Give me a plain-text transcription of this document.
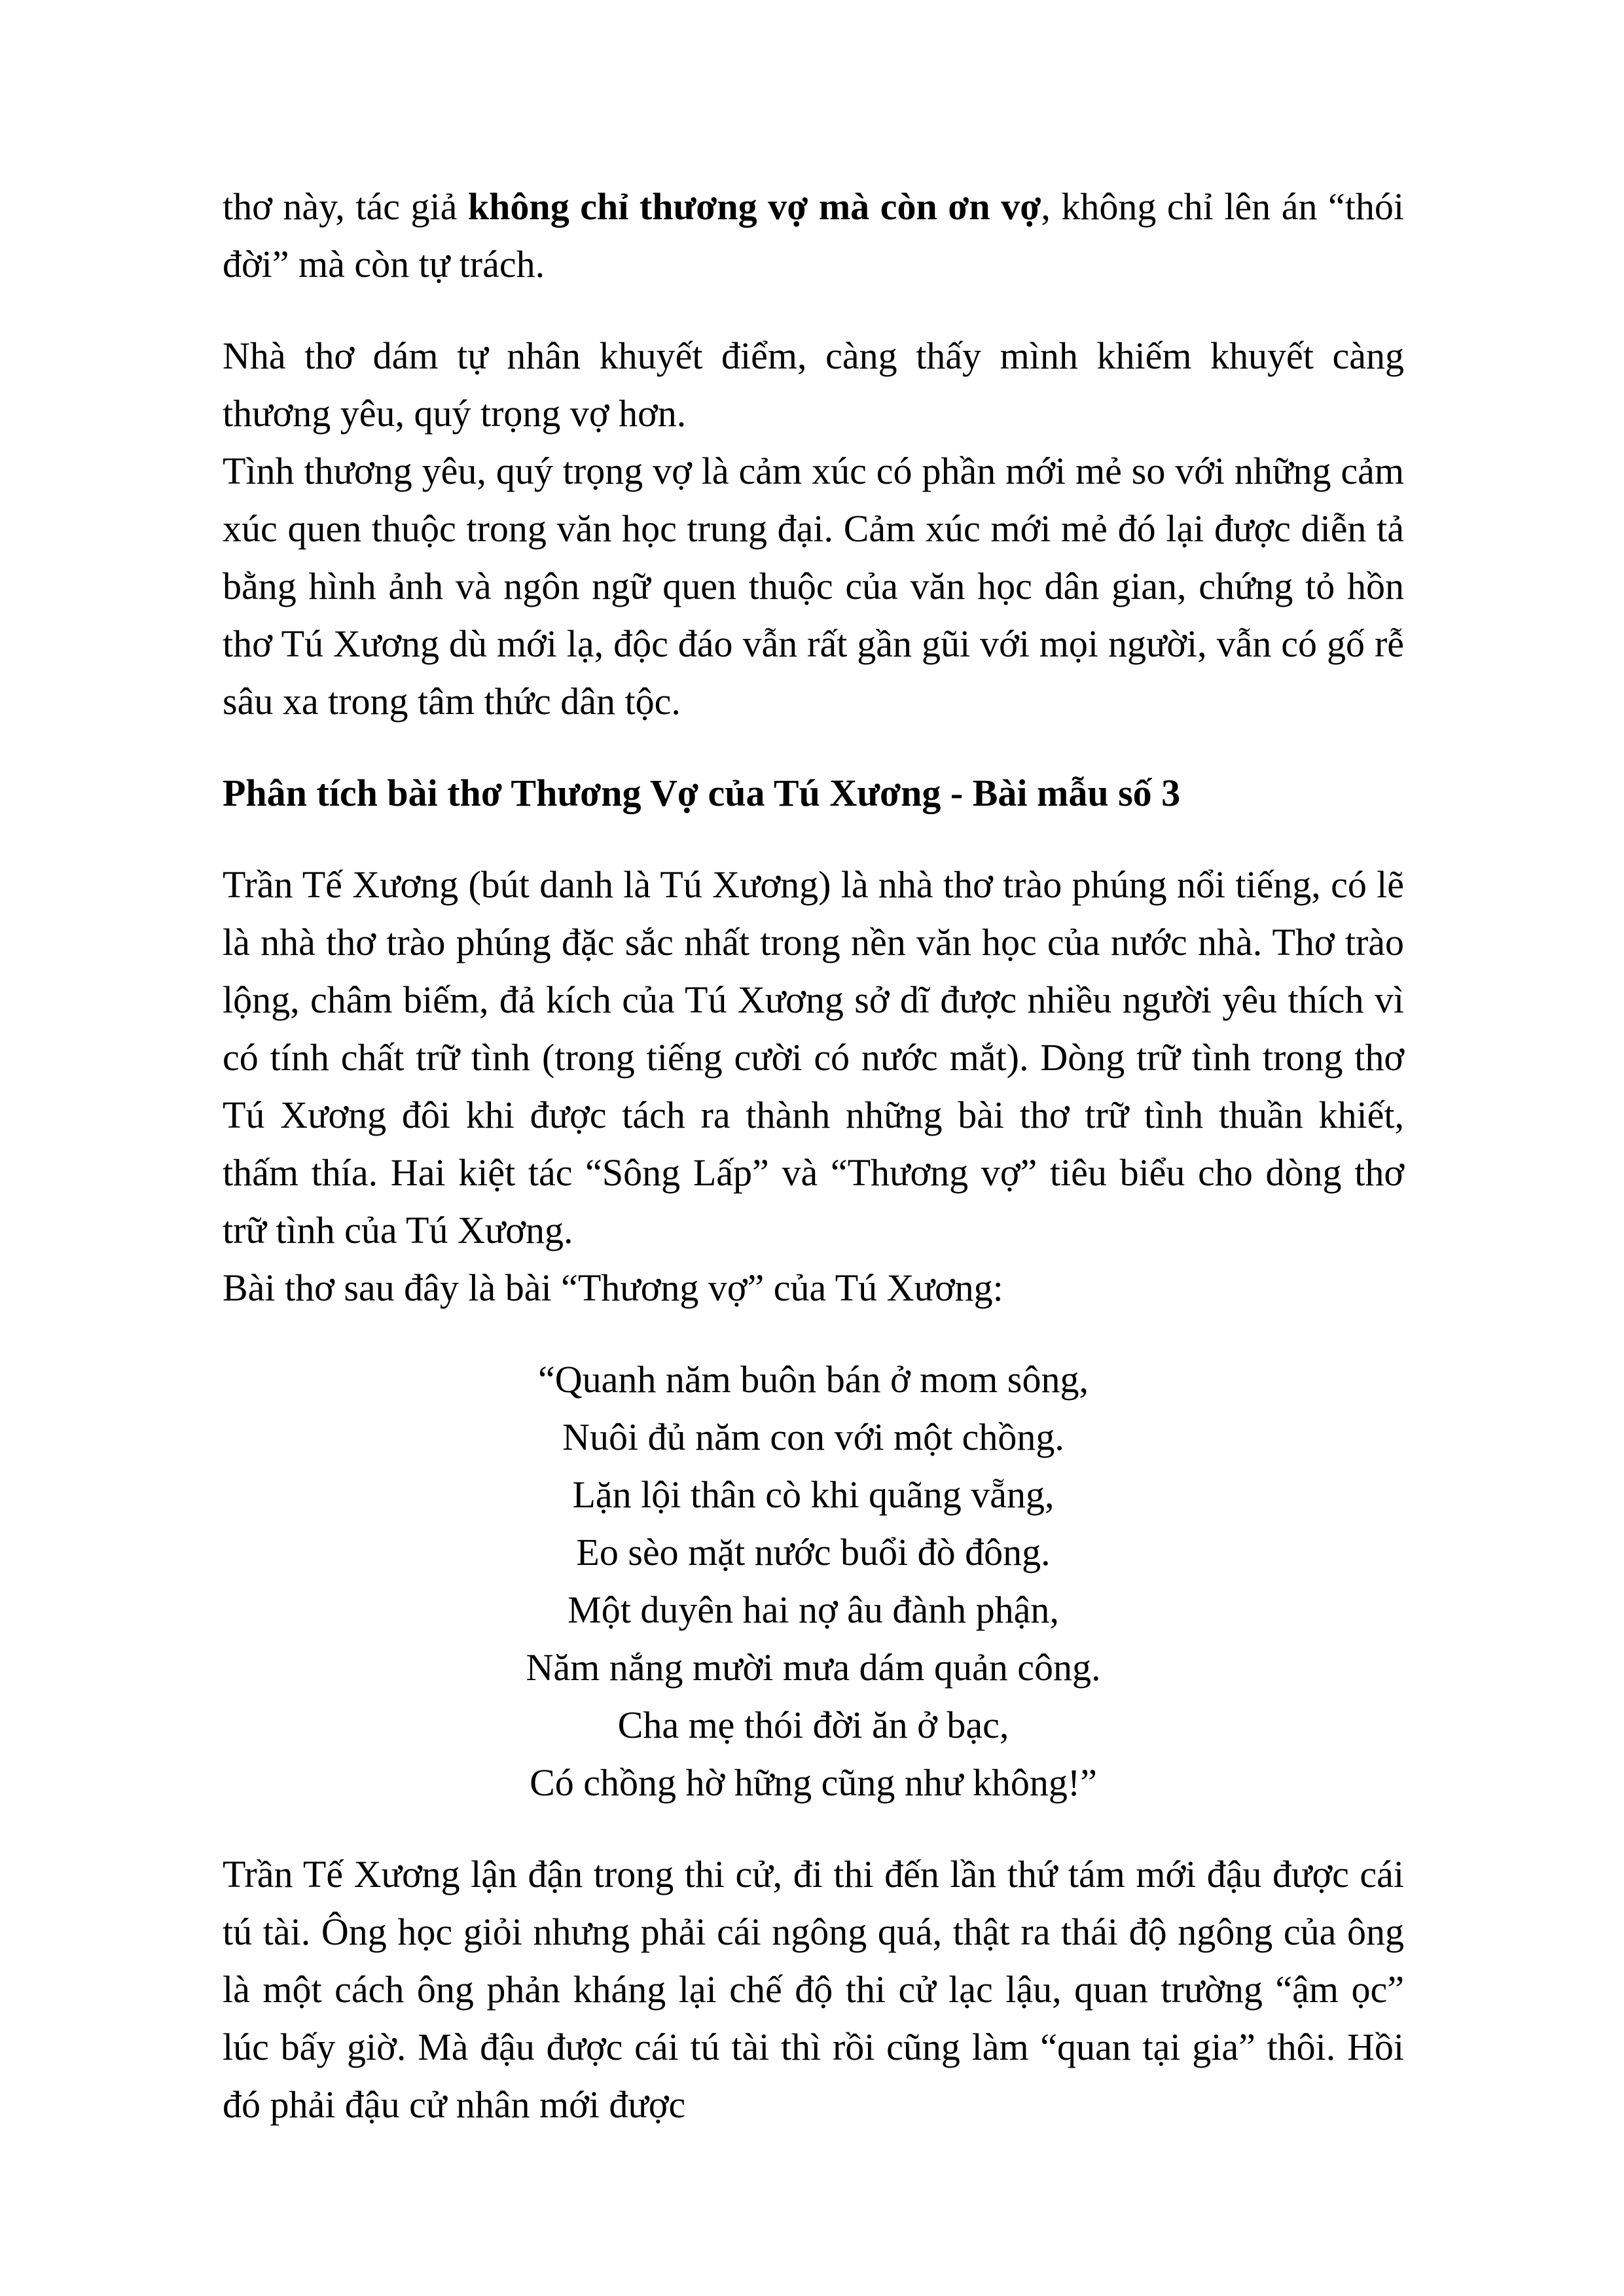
thơ này, tác giả không chỉ thương vợ mà còn ơn vợ, không chỉ lên án “thói đời” mà còn tự trách.

Nhà thơ dám tự nhân khuyết điểm, càng thấy mình khiếm khuyết càng thương yêu, quý trọng vợ hơn.

Tình thương yêu, quý trọng vợ là cảm xúc có phần mới mẻ so với những cảm xúc quen thuộc trong văn học trung đại. Cảm xúc mới mẻ đó lại được diễn tả bằng hình ảnh và ngôn ngữ quen thuộc của văn học dân gian, chứng tỏ hồn thơ Tú Xương dù mới lạ, độc đáo vẫn rất gần gũi với mọi người, vẫn có gố rễ sâu xa trong tâm thức dân tộc.

Phân tích bài thơ Thương Vợ của Tú Xương - Bài mẫu số 3

Trần Tế Xương (bút danh là Tú Xương) là nhà thơ trào phúng nổi tiếng, có lẽ là nhà thơ trào phúng đặc sắc nhất trong nền văn học của nước nhà. Thơ trào lộng, châm biếm, đả kích của Tú Xương sở dĩ được nhiều người yêu thích vì có tính chất trữ tình (trong tiếng cười có nước mắt). Dòng trữ tình trong thơ Tú Xương đôi khi được tách ra thành những bài thơ trữ tình thuần khiết, thấm thía. Hai kiệt tác “Sông Lấp” và “Thương vợ” tiêu biểu cho dòng thơ trữ tình của Tú Xương.

Bài thơ sau đây là bài “Thương vợ” của Tú Xương:

“Quanh năm buôn bán ở mom sông,
Nuôi đủ năm con với một chồng.
Lặn lội thân cò khi quãng vẵng,
Eo sèo mặt nước buổi đò đông.
Một duyên hai nợ âu đành phận,
Năm nắng mười mưa dám quản công.
Cha mẹ thói đời ăn ở bạc,
Có chồng hờ hững cũng như không!”

Trần Tế Xương lận đận trong thi cử, đi thi đến lần thứ tám mới đậu được cái tú tài. Ông học giỏi nhưng phải cái ngông quá, thật ra thái độ ngông của ông là một cách ông phản kháng lại chế độ thi cử lạc lậu, quan trường “ậm ọc” lúc bấy giờ. Mà đậu được cái tú tài thì rồi cũng làm “quan tại gia” thôi. Hồi đó phải đậu cử nhân mới được
